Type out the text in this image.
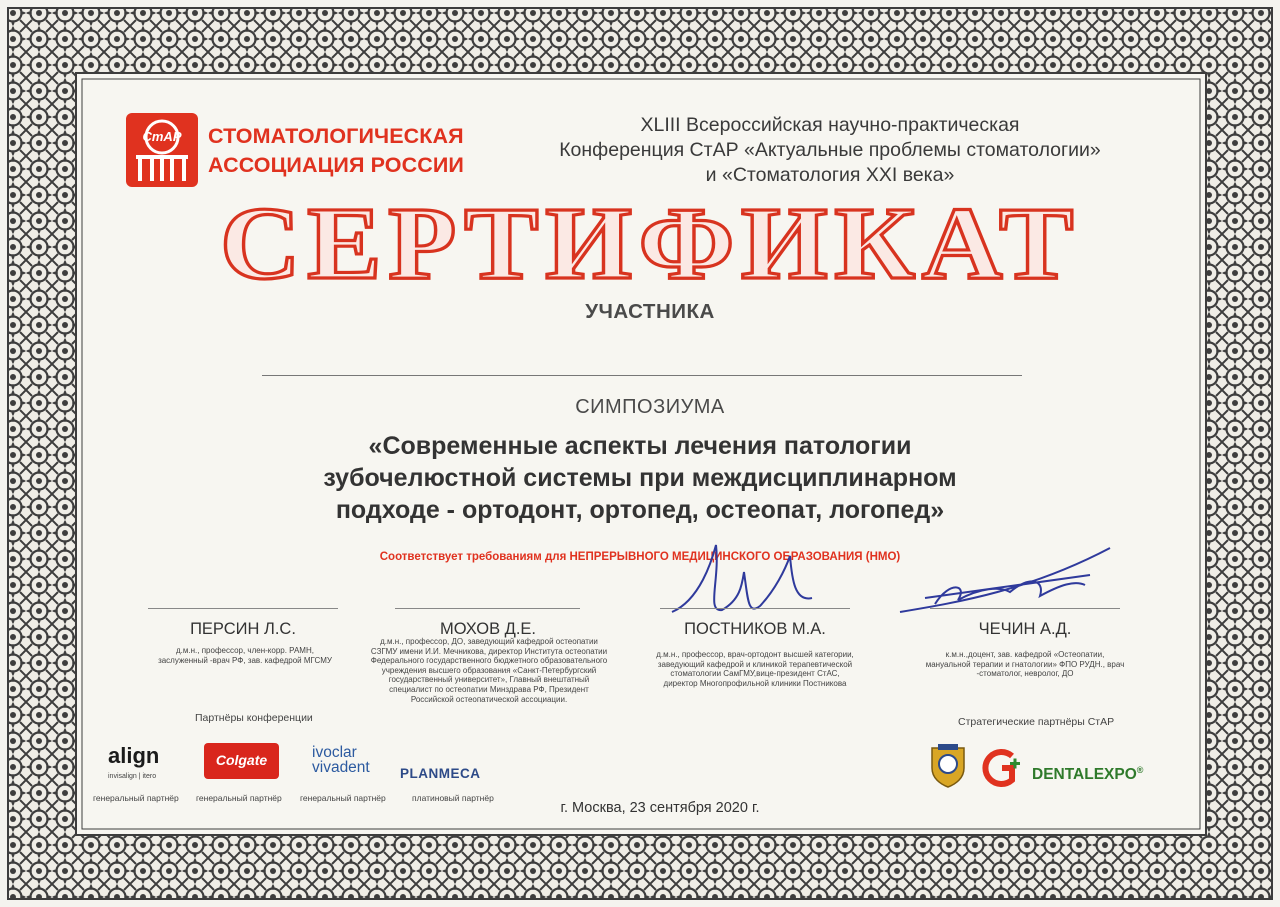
СтАР	СТОМАТОЛОГИЧЕСКАЯ
АССОЦИАЦИЯ РОССИИ
XLIII Всероссийская научно-практическая
Конференция СтАР «Актуальные проблемы стоматологии»
и «Стоматология XXI века»
СЕРТИФИКАТ
УЧАСТНИКА
СИМПОЗИУМА
«Современные аспекты лечения патологии
зубочелюстной системы при междисциплинарном
подходе - ортодонт, ортопед, остеопат, логопед»
Соответствует требованиям для НЕПРЕРЫВНОГО МЕДИЦИНСКОГО ОБРАЗОВАНИЯ (НМО)
ПЕРСИН Л.С.
д.м.н., профессор, член-корр. РАМН,
заслуженный -врач РФ, зав. кафедрой МГСМУ
МОХОВ Д.Е.
д.м.н., профессор, ДО, заведующий кафедрой остеопатии
СЗГМУ имени И.И. Мечникова, директор Института остеопатии
Федерального государственного бюджетного образовательного
учреждения высшего образования «Санкт-Петербургский
государственный университет», Главный внештатный
специалист по остеопатии Минздрава РФ, Президент
Российской остеопатической ассоциации.
ПОСТНИКОВ М.А.
д.м.н., профессор, врач-ортодонт высшей категории,
заведующий кафедрой и клиникой терапевтической
стоматологии СамГМУ,вице-президент СтАС,
директор Многопрофильной клиники Постникова
ЧЕЧИН А.Д.
к.м.н.,доцент, зав. кафедрой «Остеопатии,
мануальной терапии и гнатологии» ФПО РУДН., врач
-стоматолог, невролог, ДО
Партнёры конференции
align
invisalign | itero
Colgate	ivoclar
vivadent PLANMECA
генеральный партнёр генеральный партнёр генеральный партнёр	платиновый партнёр
г. Москва, 23 сентября 2020 г.
Стратегические партнёры СтАР
DENTALEXPO®
